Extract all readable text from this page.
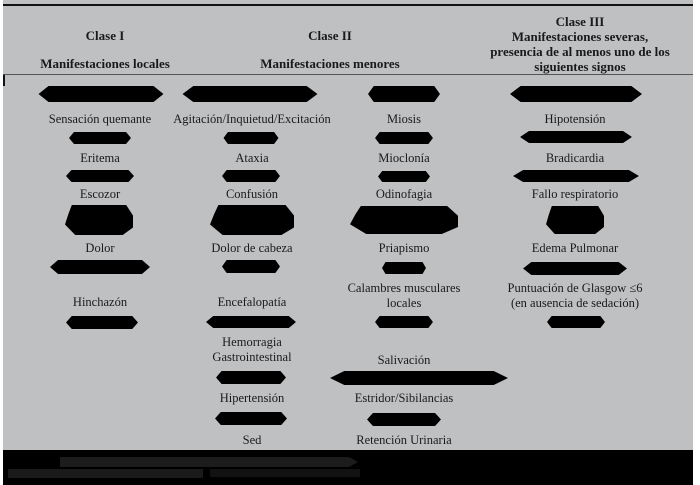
Clase I
Manifestaciones locales
Clase II
Manifestaciones menores
Clase III
Manifestaciones severas,
presencia de al menos uno de los
siguientes signos
Sensación quemante
Eritema
Escozor
Dolor
Hinchazón
Agitación/Inquietud/Excitación
Ataxia
Confusión
Dolor de cabeza
Encefalopatía
Hemorragia
Gastrointestinal
Hipertensión
Sed
Miosis
Mioclonía
Odinofagia
Priapismo
Calambres musculares
locales
Salivación
Estridor/Sibilancias
Retención Urinaria
Hipotensión
Bradicardia
Fallo respiratorio
Edema Pulmonar
Puntuación de Glasgow ≤6
(en ausencia de sedación)
